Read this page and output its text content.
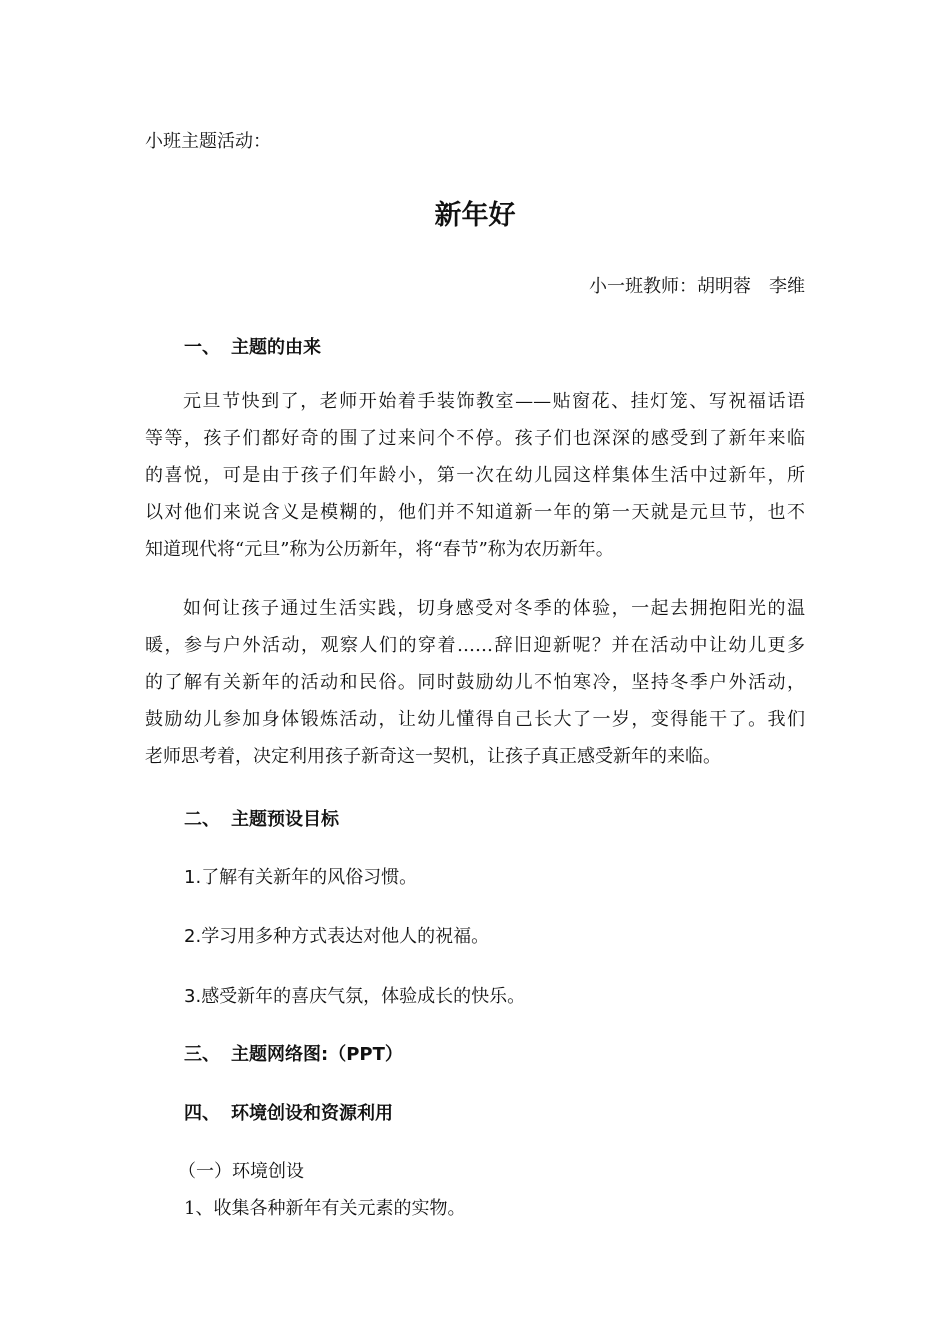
小班主题活动：
新年好
小一班教师：胡明蓉　李维
一、 主题的由来
元旦节快到了，老师开始着手装饰教室——贴窗花、挂灯笼、写祝福话语
等等，孩子们都好奇的围了过来问个不停。孩子们也深深的感受到了新年来临
的喜悦，可是由于孩子们年龄小，第一次在幼儿园这样集体生活中过新年，所
以对他们来说含义是模糊的，他们并不知道新一年的第一天就是元旦节，也不
知道现代将“元旦”称为公历新年，将“春节”称为农历新年。
如何让孩子通过生活实践，切身感受对冬季的体验，一起去拥抱阳光的温
暖，参与户外活动，观察人们的穿着……辞旧迎新呢？并在活动中让幼儿更多
的了解有关新年的活动和民俗。同时鼓励幼儿不怕寒冷，坚持冬季户外活动，
鼓励幼儿参加身体锻炼活动，让幼儿懂得自己长大了一岁，变得能干了。我们
老师思考着，决定利用孩子新奇这一契机，让孩子真正感受新年的来临。
二、 主题预设目标
1.了解有关新年的风俗习惯。
2.学习用多种方式表达对他人的祝福。
3.感受新年的喜庆气氛，体验成长的快乐。
三、 主题网络图:（PPT）
四、 环境创设和资源利用
（一）环境创设
1、收集各种新年有关元素的实物。
